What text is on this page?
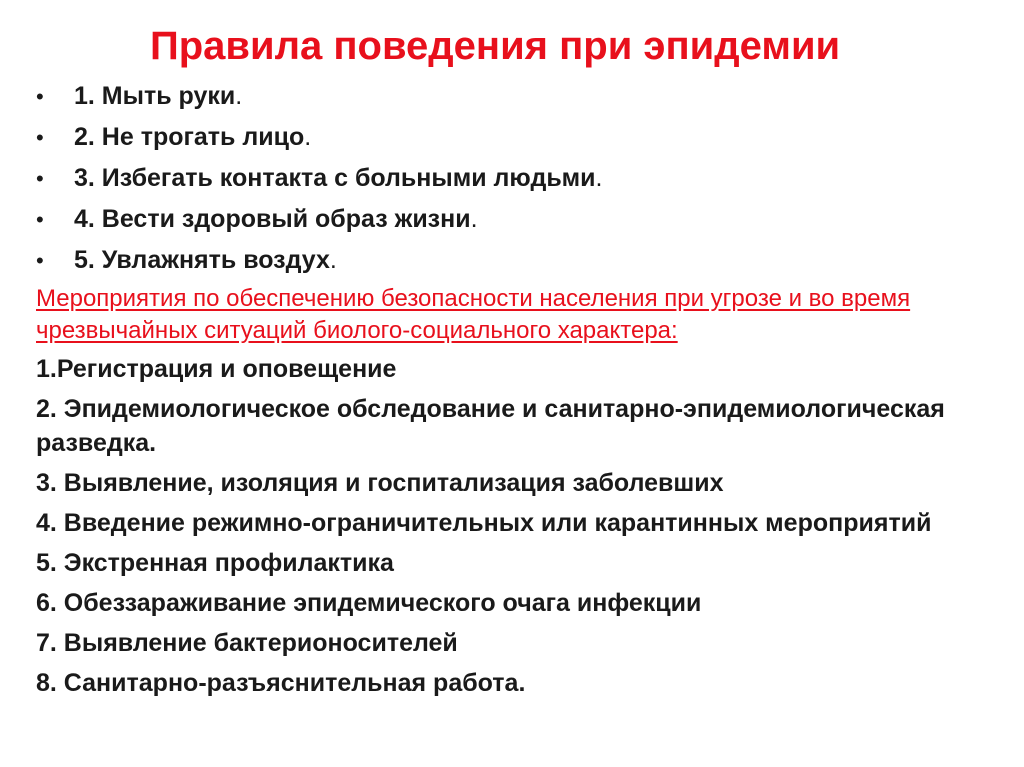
Правила поведения при эпидемии
•	1. Мыть руки .
•	2. Не трогать лицо .
•	3. Избегать контакта с больными людьми .
•	4. Вести здоровый образ жизни .
•	5. Увлажнять воздух .

Мероприятия по обеспечению безопасности населения при угрозе и во время чрезвычайных ситуаций биолого-социального характера:

1.Регистрация и оповещение
2. Эпидемиологическое обследование и санитарно-эпидемиологическая разведка.
3. Выявление, изоляция и госпитализация заболевших
4. Введение режимно-ограничительных или карантинных мероприятий
5. Экстренная профилактика
6. Обеззараживание эпидемического очага инфекции
7. Выявление бактерионосителей
8. Санитарно-разъяснительная работа.
